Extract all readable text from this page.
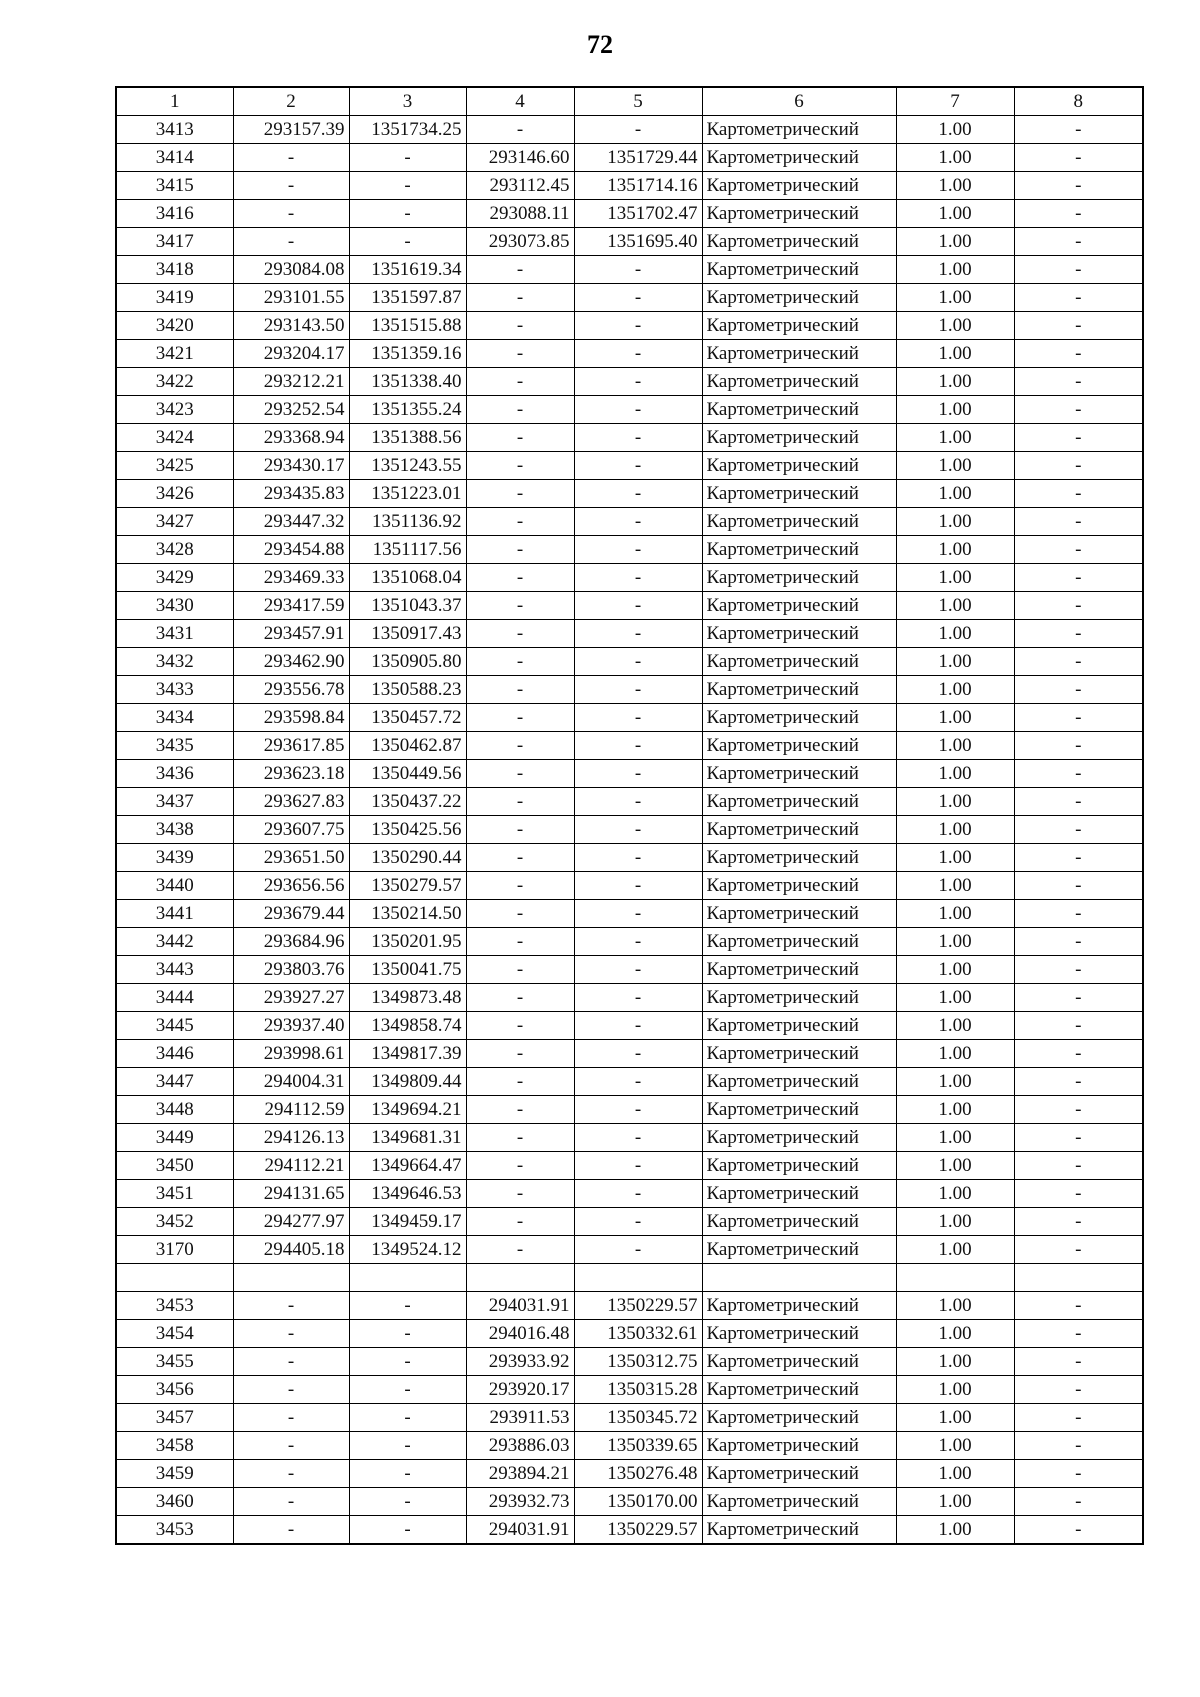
72
1	2	3	4	5	6	7	8
3413	293157.39	1351734.25	-	-	Картометрический	1.00	-
3414	-	-	293146.60	1351729.44	Картометрический	1.00	-
3415	-	-	293112.45	1351714.16	Картометрический	1.00	-
3416	-	-	293088.11	1351702.47	Картометрический	1.00	-
3417	-	-	293073.85	1351695.40	Картометрический	1.00	-
3418	293084.08	1351619.34	-	-	Картометрический	1.00	-
3419	293101.55	1351597.87	-	-	Картометрический	1.00	-
3420	293143.50	1351515.88	-	-	Картометрический	1.00	-
3421	293204.17	1351359.16	-	-	Картометрический	1.00	-
3422	293212.21	1351338.40	-	-	Картометрический	1.00	-
3423	293252.54	1351355.24	-	-	Картометрический	1.00	-
3424	293368.94	1351388.56	-	-	Картометрический	1.00	-
3425	293430.17	1351243.55	-	-	Картометрический	1.00	-
3426	293435.83	1351223.01	-	-	Картометрический	1.00	-
3427	293447.32	1351136.92	-	-	Картометрический	1.00	-
3428	293454.88	1351117.56	-	-	Картометрический	1.00	-
3429	293469.33	1351068.04	-	-	Картометрический	1.00	-
3430	293417.59	1351043.37	-	-	Картометрический	1.00	-
3431	293457.91	1350917.43	-	-	Картометрический	1.00	-
3432	293462.90	1350905.80	-	-	Картометрический	1.00	-
3433	293556.78	1350588.23	-	-	Картометрический	1.00	-
3434	293598.84	1350457.72	-	-	Картометрический	1.00	-
3435	293617.85	1350462.87	-	-	Картометрический	1.00	-
3436	293623.18	1350449.56	-	-	Картометрический	1.00	-
3437	293627.83	1350437.22	-	-	Картометрический	1.00	-
3438	293607.75	1350425.56	-	-	Картометрический	1.00	-
3439	293651.50	1350290.44	-	-	Картометрический	1.00	-
3440	293656.56	1350279.57	-	-	Картометрический	1.00	-
3441	293679.44	1350214.50	-	-	Картометрический	1.00	-
3442	293684.96	1350201.95	-	-	Картометрический	1.00	-
3443	293803.76	1350041.75	-	-	Картометрический	1.00	-
3444	293927.27	1349873.48	-	-	Картометрический	1.00	-
3445	293937.40	1349858.74	-	-	Картометрический	1.00	-
3446	293998.61	1349817.39	-	-	Картометрический	1.00	-
3447	294004.31	1349809.44	-	-	Картометрический	1.00	-
3448	294112.59	1349694.21	-	-	Картометрический	1.00	-
3449	294126.13	1349681.31	-	-	Картометрический	1.00	-
3450	294112.21	1349664.47	-	-	Картометрический	1.00	-
3451	294131.65	1349646.53	-	-	Картометрический	1.00	-
3452	294277.97	1349459.17	-	-	Картометрический	1.00	-
3170	294405.18	1349524.12	-	-	Картометрический	1.00	-

3453	-	-	294031.91	1350229.57	Картометрический	1.00	-
3454	-	-	294016.48	1350332.61	Картометрический	1.00	-
3455	-	-	293933.92	1350312.75	Картометрический	1.00	-
3456	-	-	293920.17	1350315.28	Картометрический	1.00	-
3457	-	-	293911.53	1350345.72	Картометрический	1.00	-
3458	-	-	293886.03	1350339.65	Картометрический	1.00	-
3459	-	-	293894.21	1350276.48	Картометрический	1.00	-
3460	-	-	293932.73	1350170.00	Картометрический	1.00	-
3453	-	-	294031.91	1350229.57	Картометрический	1.00	-
